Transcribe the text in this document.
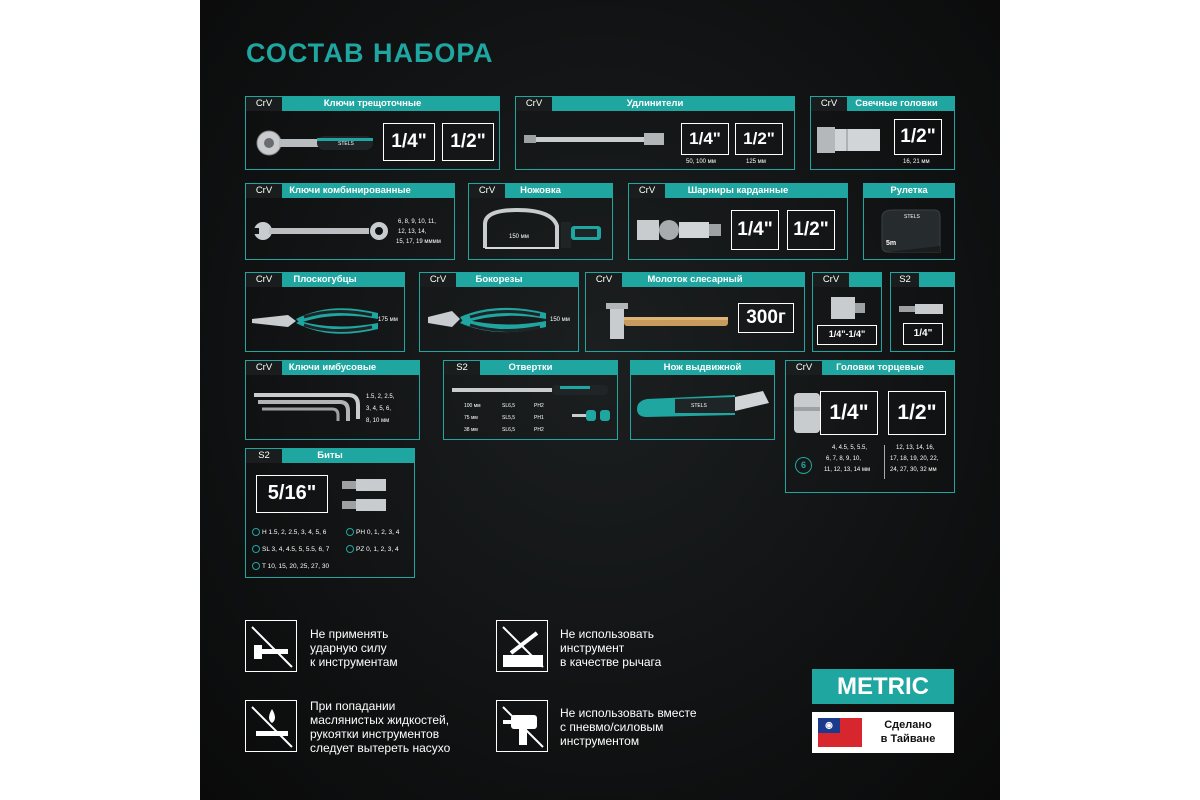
СОСТАВ НАБОРА
Ключи трещоточные
CrV
STELS	1/4"	1/2"
Удлинители
CrV
1/4"	1/2"
50, 100 мм	125 мм
Свечные головки
CrV
1/2"
16, 21 мм
Ключи комбинированные
CrV
6, 8, 9, 10, 11,
12, 13, 14,
15, 17, 19 мммм
Ножовка
CrV
150 мм
Шарниры карданные
CrV
1/4"	1/2"
Рулетка
STELS
5m
Плоскогубцы
CrV
175 мм
Бокорезы
CrV
150 мм
Молоток слесарный
CrV
300г
CrV
1/4"-1/4"
S2
1/4"
Ключи имбусовые
CrV
1.5, 2, 2.5,
3, 4, 5, 6,
8, 10 мм
Отвертки
S2
100 мм	SL6,5	PH2
75 мм	SL5,5	PH1
38 мм	SL6,5	PH2
Нож выдвижной
STELS
Головки торцевые
CrV
1/4"	1/2"
6
4, 4.5, 5, 5.5,
6, 7, 8, 9, 10,
11, 12, 13, 14 мм
12, 13, 14, 16,
17, 18, 19, 20, 22,
24, 27, 30, 32 мм
Биты
S2
5/16"
H 1.5, 2, 2.5, 3, 4, 5, 6	PH 0, 1, 2, 3, 4
SL 3, 4, 4.5, 5, 5.5, 6, 7	PZ 0, 1, 2, 3, 4
T 10, 15, 20, 25, 27, 30
Не применять
ударную силу
к инструментам
Не использовать
инструмент
в качестве рычага
При попадании
маслянистых жидкостей,
рукоятки инструментов
следует вытереть насухо
Не использовать вместе
с пневмо/силовым
инструментом
METRIC
Сделано
в Тайване
